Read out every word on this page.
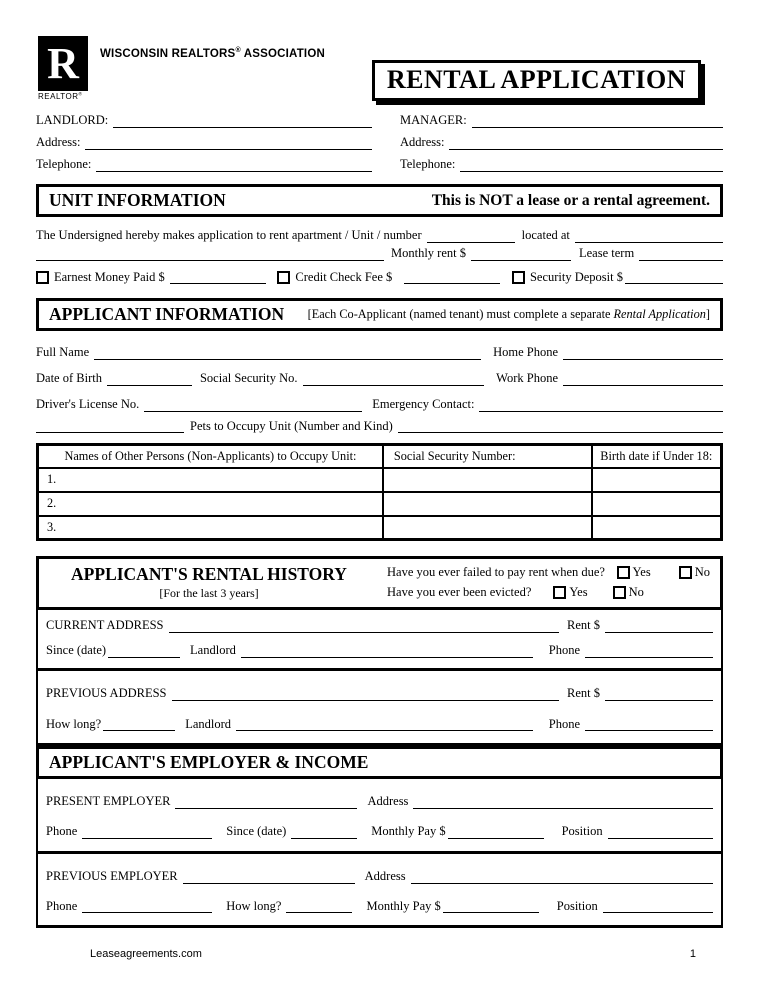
R
REALTOR®
WISCONSIN REALTORS® ASSOCIATION
RENTAL APPLICATION
LANDLORD:	MANAGER:
Address:	Address:
Telephone:	Telephone:
UNIT INFORMATION	This is NOT a lease or a rental agreement.
The Undersigned hereby makes application to rent apartment / Unit / number	located at
Monthly rent $	Lease term
Earnest Money Paid $	Credit Check Fee $	Security Deposit $
APPLICANT INFORMATION [Each Co-Applicant (named tenant) must complete a separate Rental Application]
Full Name	Home Phone
Date of Birth	Social Security No.	Work Phone
Driver's License No.	Emergency Contact:
Pets to Occupy Unit (Number and Kind)
Names of Other Persons (Non-Applicants) to Occupy Unit:	Social Security Number:	Birth date if Under 18:
1.		
2.		
3.		
APPLICANT'S RENTAL HISTORY
[For the last 3 years]
Have you ever failed to pay rent when due? Yes	No
Have you ever been evicted?	Yes	No
CURRENT ADDRESS	Rent $
Since (date)	Landlord	Phone
PREVIOUS ADDRESS	Rent $
How long?	Landlord	Phone
APPLICANT'S EMPLOYER & INCOME
PRESENT EMPLOYER	Address
Phone	Since (date)	Monthly Pay $	Position
PREVIOUS EMPLOYER	Address
Phone	How long?	Monthly Pay $	Position
Leaseagreements.com	1
